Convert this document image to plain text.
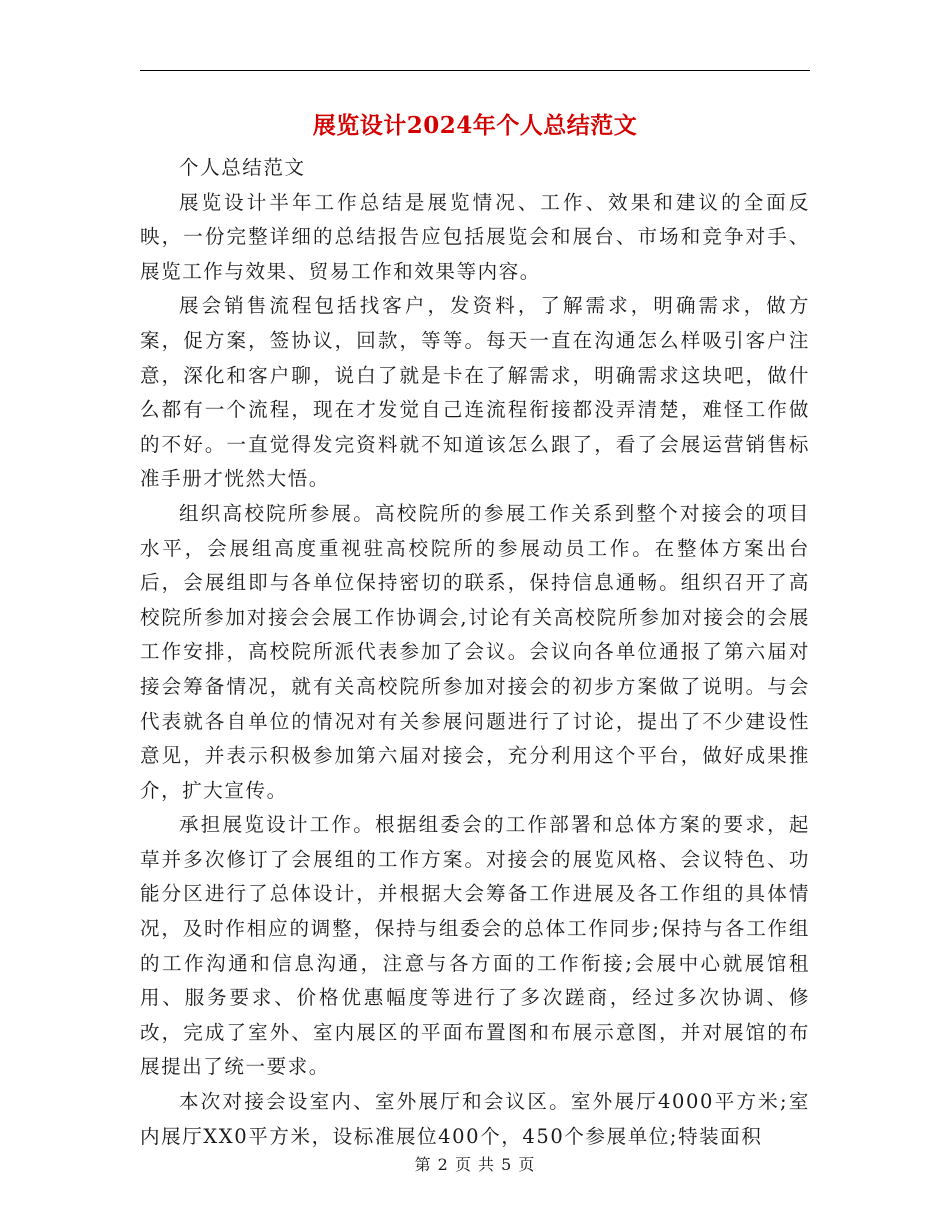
展览设计2024年个人总结范文

个人总结范文

展览设计半年工作总结是展览情况、工作、效果和建议的全面反映，一份完整详细的总结报告应包括展览会和展台、市场和竞争对手、展览工作与效果、贸易工作和效果等内容。

展会销售流程包括找客户，发资料，了解需求，明确需求，做方案，促方案，签协议，回款，等等。每天一直在沟通怎么样吸引客户注意，深化和客户聊，说白了就是卡在了解需求，明确需求这块吧，做什么都有一个流程，现在才发觉自己连流程衔接都没弄清楚，难怪工作做的不好。一直觉得发完资料就不知道该怎么跟了，看了会展运营销售标准手册才恍然大悟。

组织高校院所参展。高校院所的参展工作关系到整个对接会的项目水平，会展组高度重视驻高校院所的参展动员工作。在整体方案出台后，会展组即与各单位保持密切的联系，保持信息通畅。组织召开了高校院所参加对接会会展工作协调会,讨论有关高校院所参加对接会的会展工作安排，高校院所派代表参加了会议。会议向各单位通报了第六届对接会筹备情况，就有关高校院所参加对接会的初步方案做了说明。与会代表就各自单位的情况对有关参展问题进行了讨论，提出了不少建设性意见，并表示积极参加第六届对接会，充分利用这个平台，做好成果推介，扩大宣传。

承担展览设计工作。根据组委会的工作部署和总体方案的要求，起草并多次修订了会展组的工作方案。对接会的展览风格、会议特色、功能分区进行了总体设计，并根据大会筹备工作进展及各工作组的具体情况，及时作相应的调整，保持与组委会的总体工作同步;保持与各工作组的工作沟通和信息沟通，注意与各方面的工作衔接;会展中心就展馆租用、服务要求、价格优惠幅度等进行了多次蹉商，经过多次协调、修改，完成了室外、室内展区的平面布置图和布展示意图，并对展馆的布展提出了统一要求。

本次对接会设室内、室外展厅和会议区。室外展厅4000平方米;室内展厅XX0平方米，设标准展位400个，450个参展单位;特装面积

第 2 页 共 5 页
